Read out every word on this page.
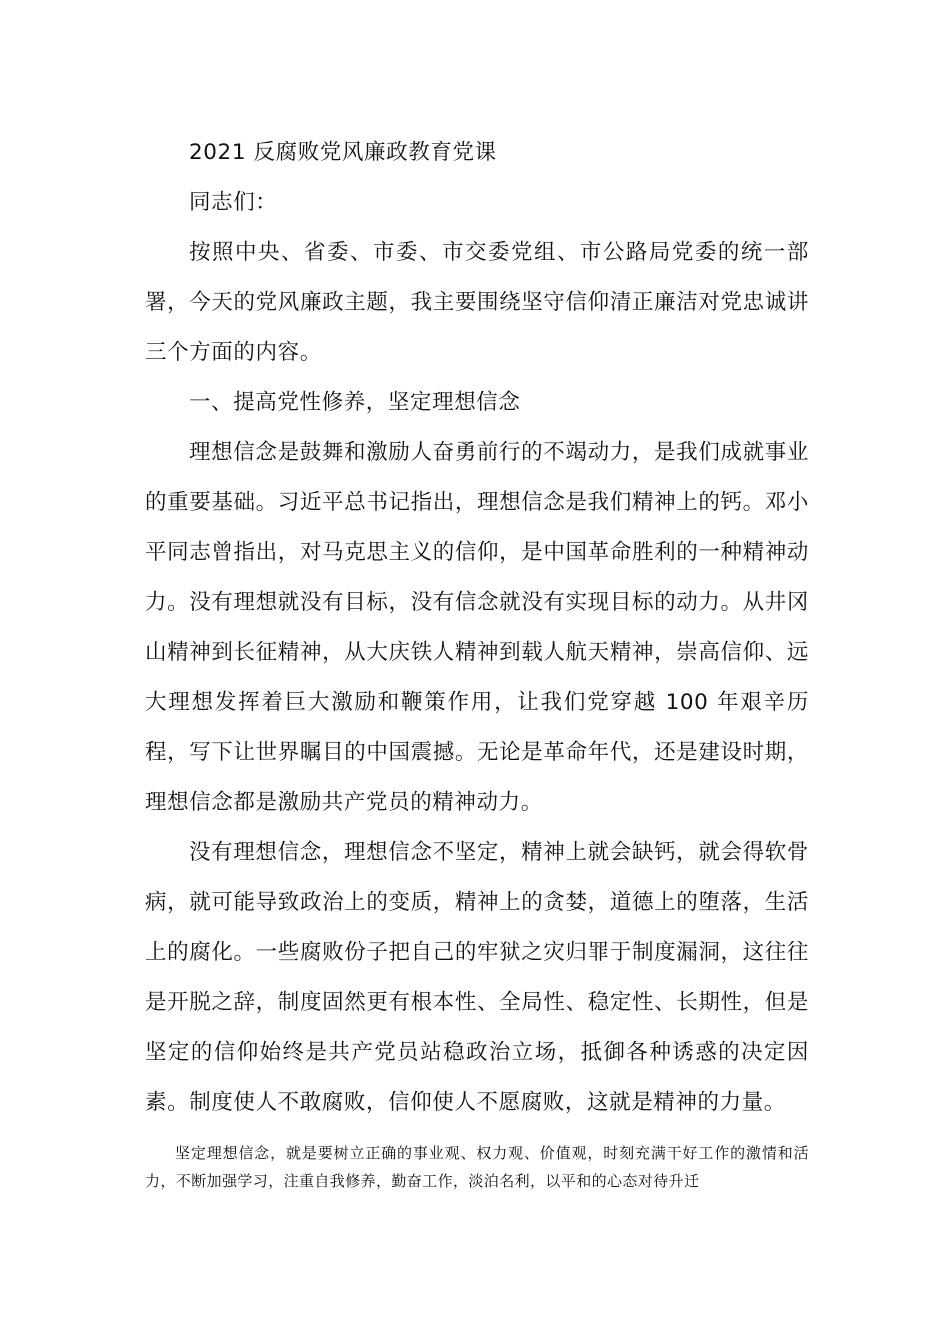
2021 反腐败党风廉政教育党课

同志们：

按照中央、省委、市委、市交委党组、市公路局党委的统一部署，今天的党风廉政主题，我主要围绕坚守信仰清正廉洁对党忠诚讲三个方面的内容。

一、提高党性修养，坚定理想信念

理想信念是鼓舞和激励人奋勇前行的不竭动力，是我们成就事业的重要基础。习近平总书记指出，理想信念是我们精神上的钙。邓小平同志曾指出，对马克思主义的信仰，是中国革命胜利的一种精神动力。没有理想就没有目标，没有信念就没有实现目标的动力。从井冈山精神到长征精神，从大庆铁人精神到载人航天精神，崇高信仰、远大理想发挥着巨大激励和鞭策作用，让我们党穿越 100 年艰辛历程，写下让世界瞩目的中国震撼。无论是革命年代，还是建设时期，理想信念都是激励共产党员的精神动力。

没有理想信念，理想信念不坚定，精神上就会缺钙，就会得软骨病，就可能导致政治上的变质，精神上的贪婪，道德上的堕落，生活上的腐化。一些腐败份子把自己的牢狱之灾归罪于制度漏洞，这往往是开脱之辞，制度固然更有根本性、全局性、稳定性、长期性，但是坚定的信仰始终是共产党员站稳政治立场，抵御各种诱惑的决定因素。制度使人不敢腐败，信仰使人不愿腐败，这就是精神的力量。

坚定理想信念，就是要树立正确的事业观、权力观、价值观，时刻充满干好工作的激情和活力，不断加强学习，注重自我修养，勤奋工作，淡泊名利，以平和的心态对待升迁
